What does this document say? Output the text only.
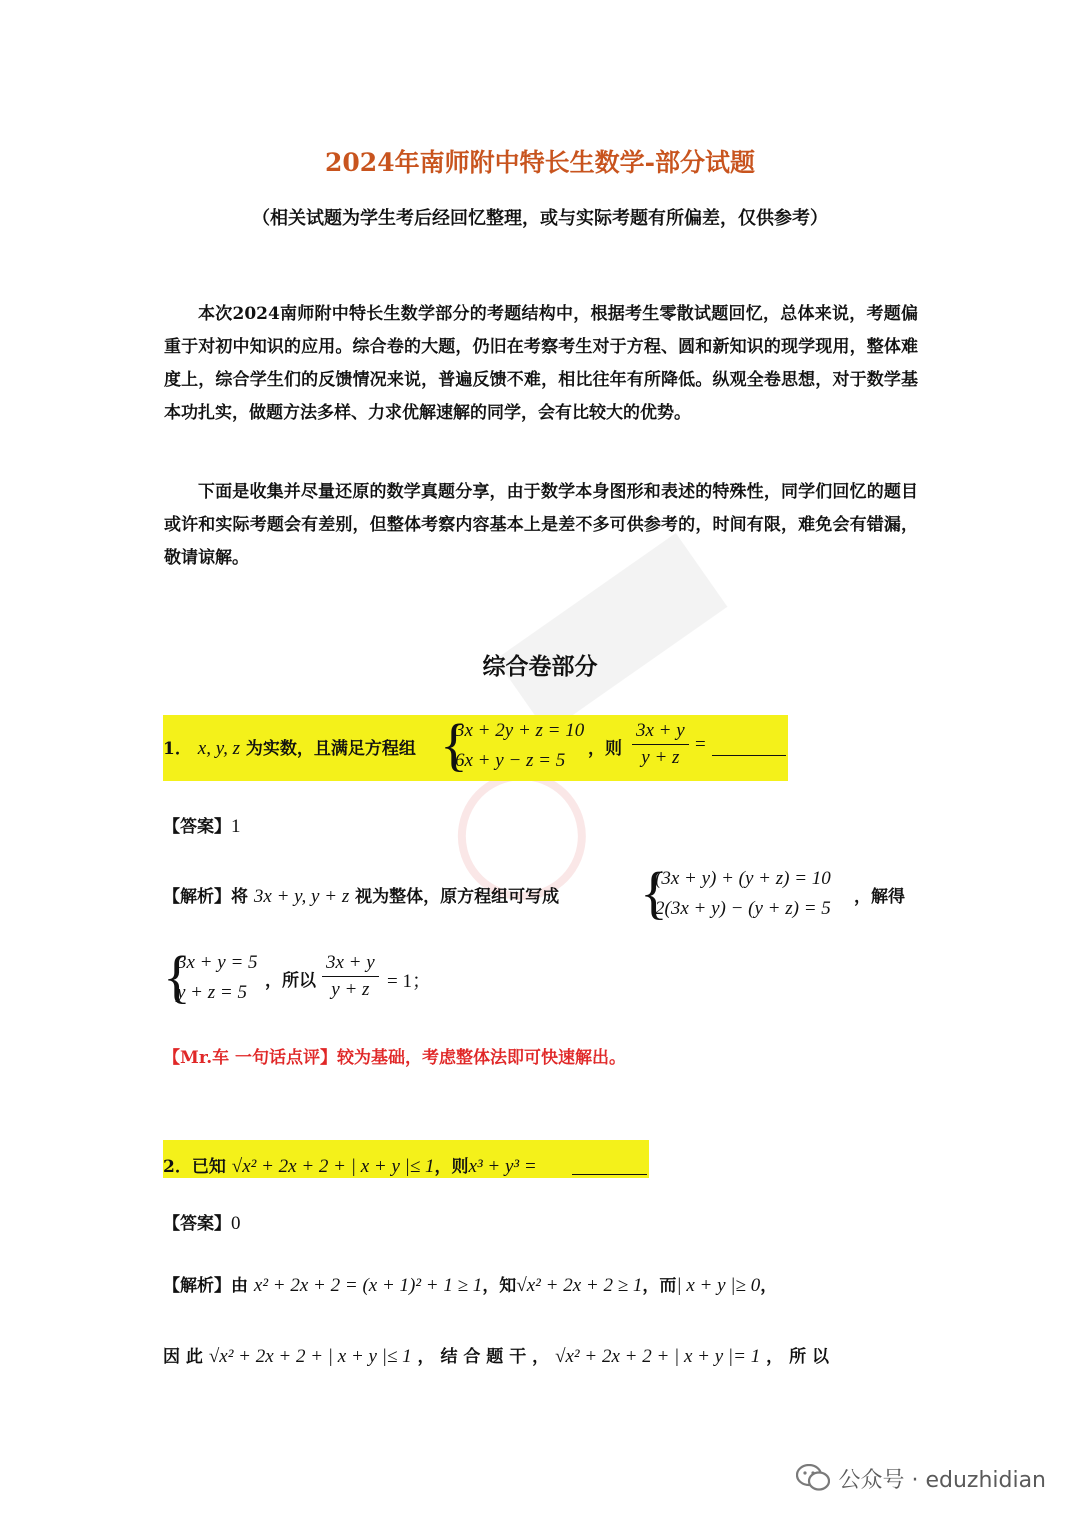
2024年南师附中特长生数学-部分试题
（相关试题为学生考后经回忆整理，或与实际考题有所偏差，仅供参考）

本次2024南师附中特长生数学部分的考题结构中，根据考生零散试题回忆，总体来说，考题偏重于对初中知识的应用。综合卷的大题，仍旧在考察考生对于方程、圆和新知识的现学现用，整体难度上，综合学生们的反馈情况来说，普遍反馈不难，相比往年有所降低。纵观全卷思想，对于数学基本功扎实，做题方法多样、力求优解速解的同学，会有比较大的优势。

下面是收集并尽量还原的数学真题分享，由于数学本身图形和表述的特殊性，同学们回忆的题目或许和实际考题会有差别，但整体考察内容基本上是差不多可供参考的，时间有限，难免会有错漏，敬请谅解。

综合卷部分
1． x, y, z 为实数，且满足方程组 {
3x + 2y + z = 10
6x + y − z = 5
，则 $\frac{3x + y}{y + z}$ =
【答案】1
【解析】将 3x + y, y + z 视为整体，原方程组可写成 {
(3x + y) + (y + z) = 10
2(3x + y) − (y + z) = 5
，解得
{
3x + y = 5
y + z = 5
，所以 $\frac{3x + y}{y + z} = 1$；
【Mr.车 一句话点评】较为基础，考虑整体法即可快速解出。
2．已知 √x² + 2x + 2 + | x + y |≤ 1，则x³ + y³ =
【答案】0
【解析】由 x² + 2x + 2 = (x + 1)² + 1 ≥ 1，知√x² + 2x + 2 ≥ 1，而| x + y |≥ 0，
因 此 √x² + 2x + 2 + | x + y |≤ 1 ， 结 合 题 干 ， √x² + 2x + 2 + | x + y |= 1 ， 所 以
公众号 · eduzhidian
